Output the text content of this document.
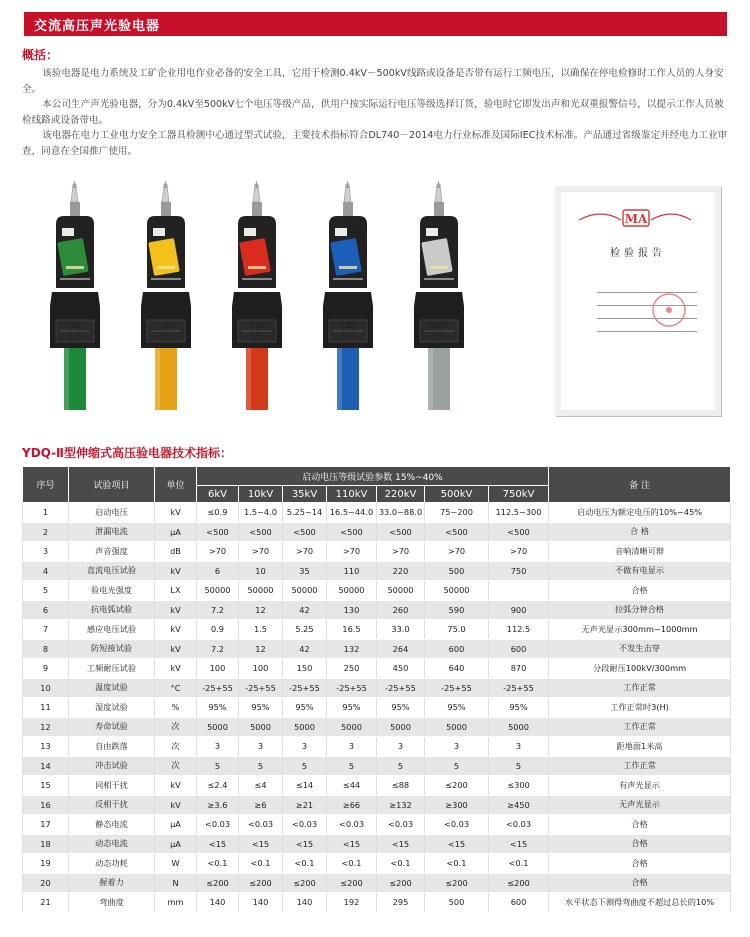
交流高压声光验电器
概括：

该验电器是电力系统及工矿企业用电作业必备的安全工具，它用于检测0.4kV－500kV线路或设备是否带有运行工频电压，以确保在停电检修时工作人员的人身安全。

本公司生产声光验电器，分为0.4kV至500kV七个电压等级产品，供用户按实际运行电压等级选择订货，验电时它即发出声和光双重报警信号，以提示工作人员被检线路或设备带电。

该电器在电力工业电力安全工器具检测中心通过型式试验，主要技术指标符合DL740－2014电力行业标准及国际IEC技术标准。产品通过省级鉴定并经电力工业审查，同意在全国推广使用。

10
kV
35
kV
110
kV
220
kV
500
kV
MA
检验报告
YDQ-Ⅱ型伸缩式高压验电器技术指标：
序号	试验项目	单位	启动电压等级试验参数 15%~40%							备 注
			6kV	10kV	35kV	110kV	220kV	500kV	750kV	
1	启动电压	kV	≤0.9	1.5~4.0	5.25~14	16.5~44.0	33.0~88.0	75~200	112.5~300	启动电压为额定电压的10%~45%
2	泄漏电流	μA	<500	<500	<500	<500	<500	<500	<500	合 格
3	声音强度	dB	>70	>70	>70	>70	>70	>70	>70	音响清晰可辩
4	直流电压试验	kV	6	10	35	110	220	500	750	不做有电显示
5	验电光强度	LX	50000	50000	50000	50000	50000	50000		合格
6	抗电弧试验	kV	7.2	12	42	130	260	590	900	拉弧分钟合格
7	感应电压试验	kV	0.9	1.5	5.25	16.5	33.0	75.0	112.5	无声光显示300mm~1000mm
8	防短接试验	kV	7.2	12	42	132	264	600	600	不发生击穿
9	工频耐压试验	kV	100	100	150	250	450	640	870	分段耐压100kV/300mm
10	温度试验	°C	-25+55	-25+55	-25+55	-25+55	-25+55	-25+55	-25+55	工作正常
11	湿度试验	%	95%	95%	95%	95%	95%	95%	95%	工作正常时3(H)
12	寿命试验	次	5000	5000	5000	5000	5000	5000	5000	工作正常
13	自由跌落	次	3	3	3	3	3	3	3	距地面1米高
14	冲击试验	次	5	5	5	5	5	5	5	工作正常
15	同相干扰	kV	≤2.4	≤4	≤14	≤44	≤88	≤200	≤300	有声光显示
16	反相干扰	kV	≥3.6	≥6	≥21	≥66	≥132	≥300	≥450	无声光显示
17	静态电流	μA	<0.03	<0.03	<0.03	<0.03	<0.03	<0.03	<0.03	合格
18	动态电流	μA	<15	<15	<15	<15	<15	<15	<15	合格
19	动态功耗	W	<0.1	<0.1	<0.1	<0.1	<0.1	<0.1	<0.1	合格
20	握着力	N	≤200	≤200	≤200	≤200	≤200	≤200	≤200	合格
21	弯曲度	mm	140	140	140	192	295	500	600	水平状态下测得弯曲度不超过总长的10%
